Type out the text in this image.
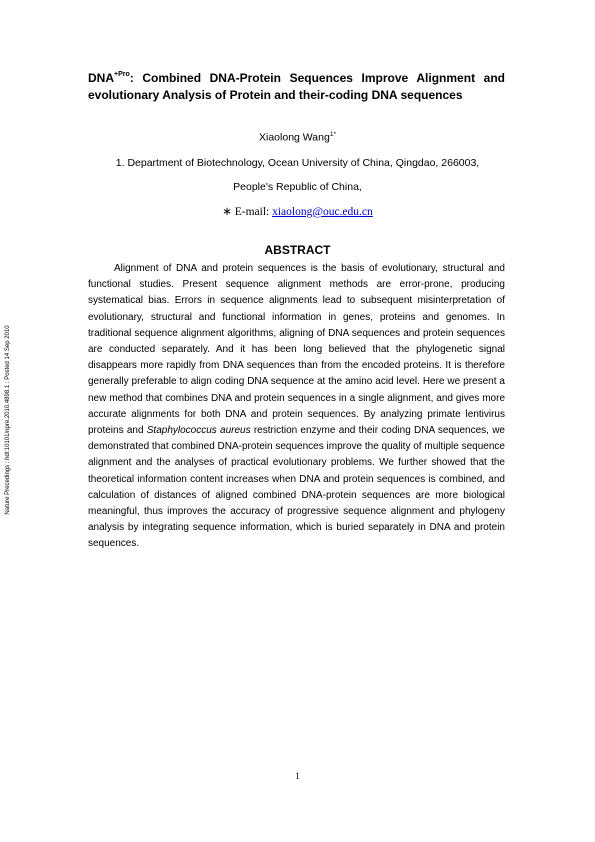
$DNA^{+Pro}$: Combined DNA-Protein Sequences Improve Alignment and evolutionary Analysis of Protein and their-coding DNA sequences
Xiaolong Wang$^{1*}$
1. Department of Biotechnology, Ocean University of China, Qingdao, 266003,
People's Republic of China,
∗ E-mail: xiaolong@ouc.edu.cn
ABSTRACT

Alignment of DNA and protein sequences is the basis of evolutionary, structural and functional studies. Present sequence alignment methods are error-prone, producing systematical bias. Errors in sequence alignments lead to subsequent misinterpretation of evolutionary, structural and functional information in genes, proteins and genomes. In traditional sequence alignment algorithms, aligning of DNA sequences and protein sequences are conducted separately. And it has been long believed that the phylogenetic signal disappears more rapidly from DNA sequences than from the encoded proteins. It is therefore generally preferable to align coding DNA sequence at the amino acid level. Here we present a new method that combines DNA and protein sequences in a single alignment, and gives more accurate alignments for both DNA and protein sequences. By analyzing primate lentivirus proteins and Staphylococcus aureus restriction enzyme and their coding DNA sequences, we demonstrated that combined DNA-protein sequences improve the quality of multiple sequence alignment and the analyses of practical evolutionary problems. We further showed that the theoretical information content increases when DNA and protein sequences is combined, and calculation of distances of aligned combined DNA-protein sequences are more biological meaningful, thus improves the accuracy of progressive sequence alignment and phylogeny analysis by integrating sequence information, which is buried separately in DNA and protein sequences.

Nature Precedings : hdl:10101/npre.2010.4898.1 : Posted 14 Sep 2010
1
